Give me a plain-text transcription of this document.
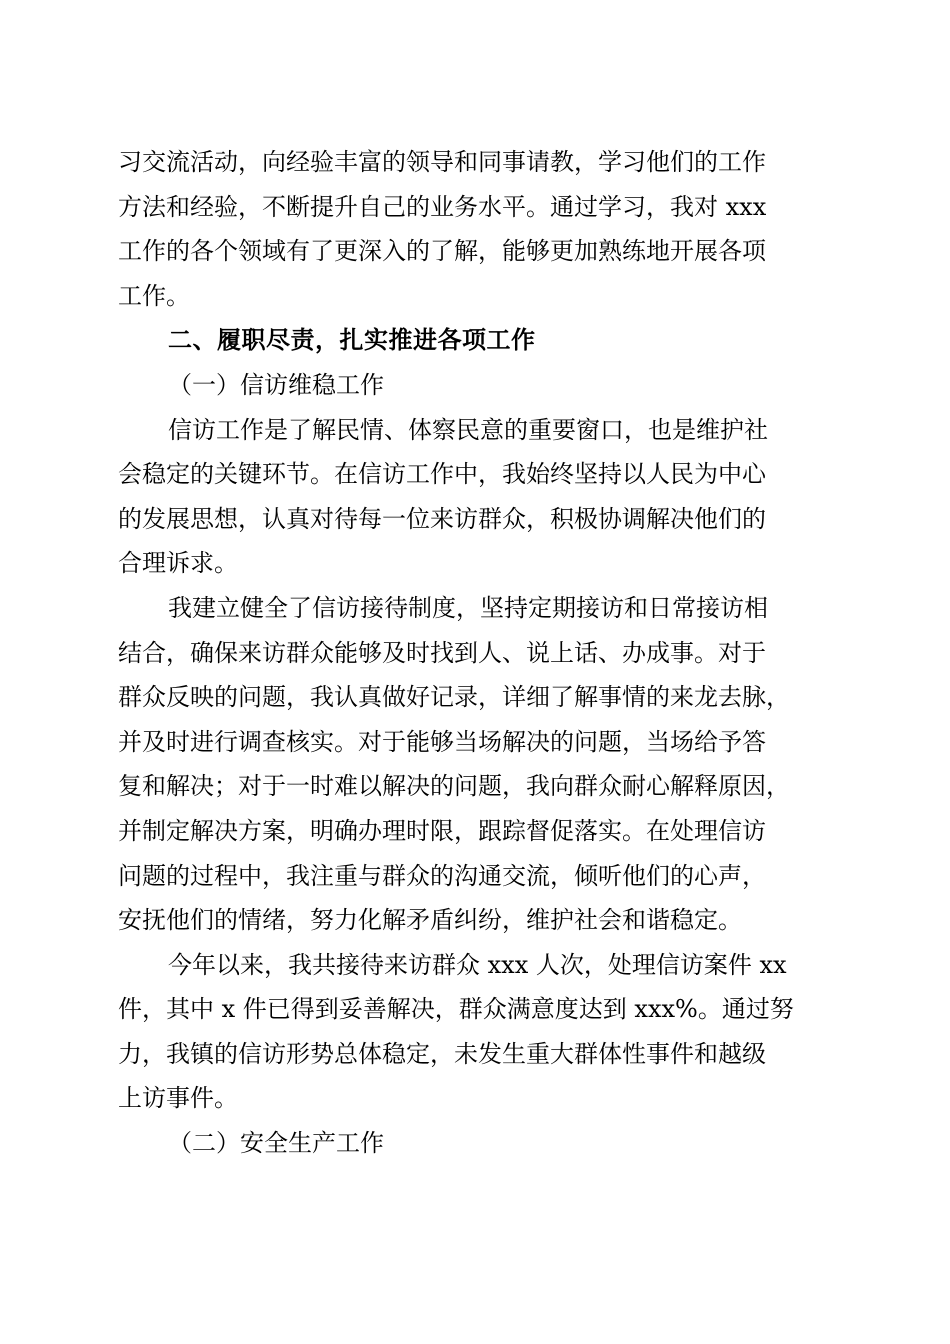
习交流活动，向经验丰富的领导和同事请教，学习他们的工作
方法和经验，不断提升自己的业务水平。通过学习，我对 xxx
工作的各个领域有了更深入的了解，能够更加熟练地开展各项
工作。
二、履职尽责，扎实推进各项工作
（一）信访维稳工作
信访工作是了解民情、体察民意的重要窗口，也是维护社
会稳定的关键环节。在信访工作中，我始终坚持以人民为中心
的发展思想，认真对待每一位来访群众，积极协调解决他们的
合理诉求。
我建立健全了信访接待制度，坚持定期接访和日常接访相
结合，确保来访群众能够及时找到人、说上话、办成事。对于
群众反映的问题，我认真做好记录，详细了解事情的来龙去脉，
并及时进行调查核实。对于能够当场解决的问题，当场给予答
复和解决；对于一时难以解决的问题，我向群众耐心解释原因，
并制定解决方案，明确办理时限，跟踪督促落实。在处理信访
问题的过程中，我注重与群众的沟通交流，倾听他们的心声，
安抚他们的情绪，努力化解矛盾纠纷，维护社会和谐稳定。
今年以来，我共接待来访群众 xxx 人次，处理信访案件 xx
件，其中 x 件已得到妥善解决，群众满意度达到 xxx%。通过努
力，我镇的信访形势总体稳定，未发生重大群体性事件和越级
上访事件。
（二）安全生产工作
